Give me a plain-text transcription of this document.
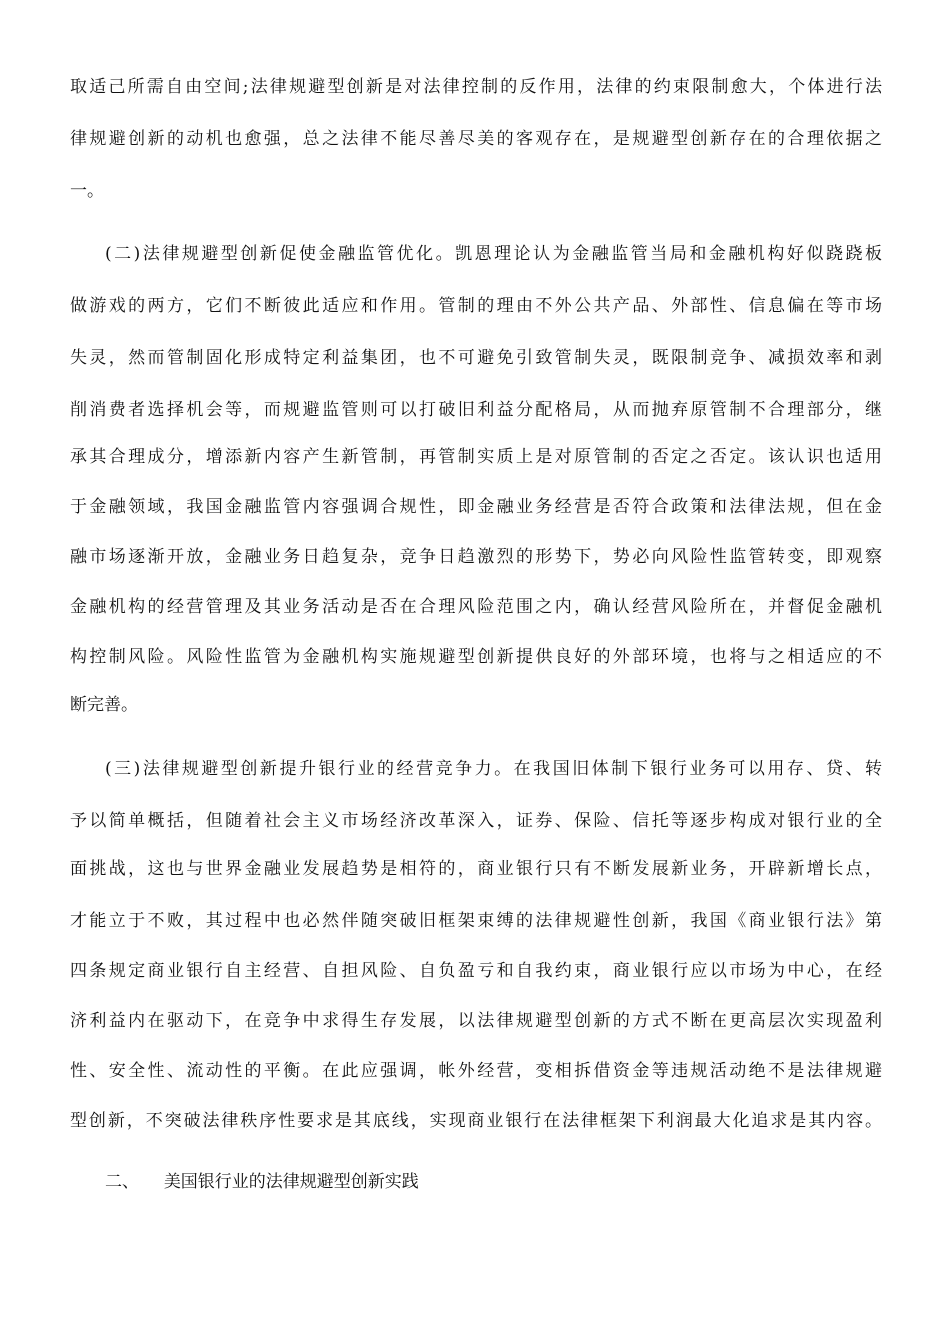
取适己所需自由空间;法律规避型创新是对法律控制的反作用，法律的约束限制愈大，个体进行法
律规避创新的动机也愈强，总之法律不能尽善尽美的客观存在，是规避型创新存在的合理依据之
一。
(二)法律规避型创新促使金融监管优化。凯恩理论认为金融监管当局和金融机构好似跷跷板
做游戏的两方，它们不断彼此适应和作用。管制的理由不外公共产品、外部性、信息偏在等市场
失灵，然而管制固化形成特定利益集团，也不可避免引致管制失灵，既限制竞争、减损效率和剥
削消费者选择机会等，而规避监管则可以打破旧利益分配格局，从而抛弃原管制不合理部分，继
承其合理成分，增添新内容产生新管制，再管制实质上是对原管制的否定之否定。该认识也适用
于金融领域，我国金融监管内容强调合规性，即金融业务经营是否符合政策和法律法规，但在金
融市场逐渐开放，金融业务日趋复杂，竞争日趋激烈的形势下，势必向风险性监管转变，即观察
金融机构的经营管理及其业务活动是否在合理风险范围之内，确认经营风险所在，并督促金融机
构控制风险。风险性监管为金融机构实施规避型创新提供良好的外部环境，也将与之相适应的不
断完善。
(三)法律规避型创新提升银行业的经营竞争力。在我国旧体制下银行业务可以用存、贷、转
予以简单概括，但随着社会主义市场经济改革深入，证券、保险、信托等逐步构成对银行业的全
面挑战，这也与世界金融业发展趋势是相符的，商业银行只有不断发展新业务，开辟新增长点，
才能立于不败，其过程中也必然伴随突破旧框架束缚的法律规避性创新，我国《商业银行法》第
四条规定商业银行自主经营、自担风险、自负盈亏和自我约束，商业银行应以市场为中心，在经
济利益内在驱动下，在竞争中求得生存发展，以法律规避型创新的方式不断在更高层次实现盈利
性、安全性、流动性的平衡。在此应强调，帐外经营，变相拆借资金等违规活动绝不是法律规避
型创新，不突破法律秩序性要求是其底线，实现商业银行在法律框架下利润最大化追求是其内容。
二、 美国银行业的法律规避型创新实践
